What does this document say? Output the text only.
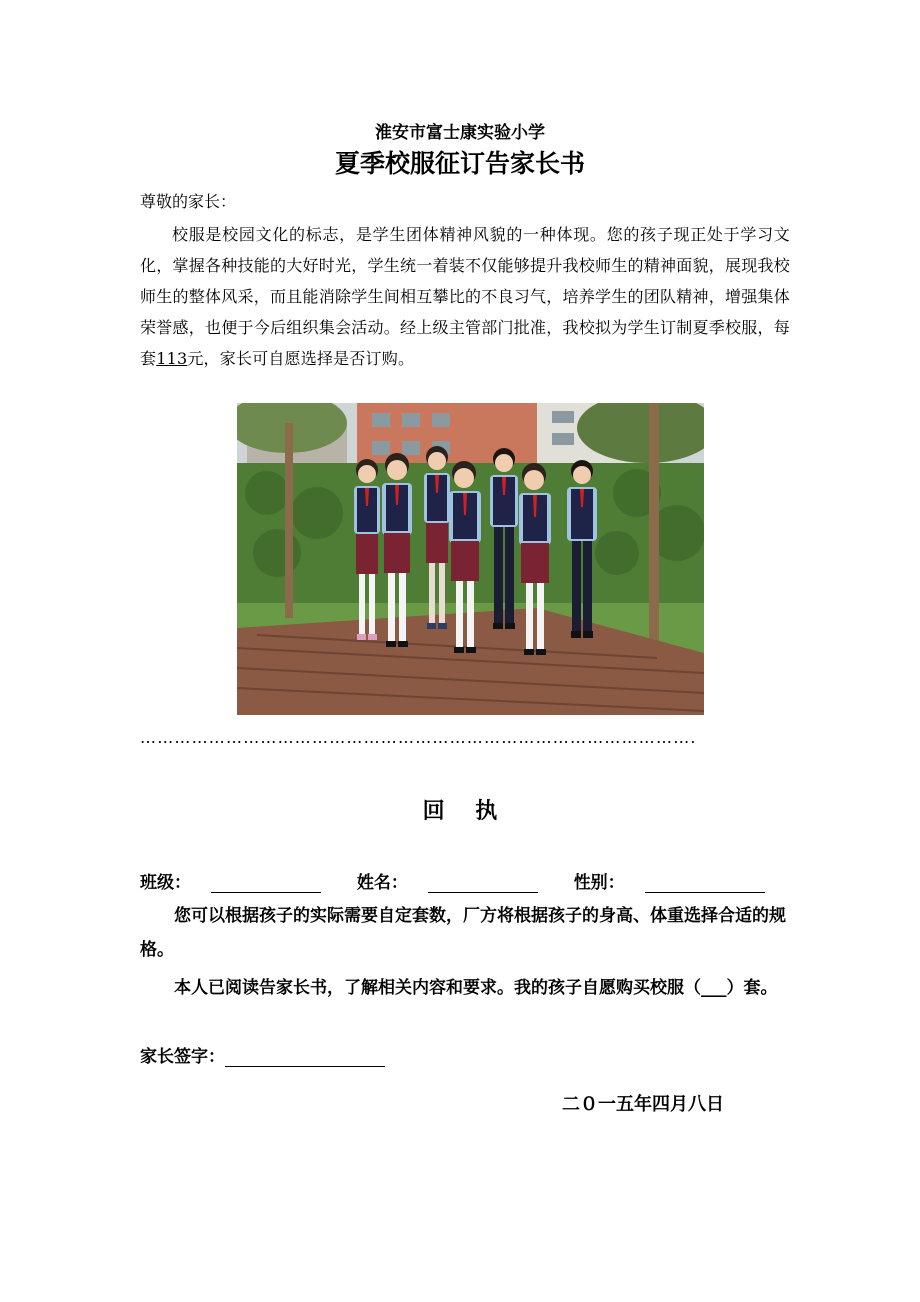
淮安市富士康实验小学
夏季校服征订告家长书
尊敬的家长：

校服是校园文化的标志，是学生团体精神风貌的一种体现。您的孩子现正处于学习文化，掌握各种技能的大好时光，学生统一着装不仅能够提升我校师生的精神面貌，展现我校师生的整体风采，而且能消除学生间相互攀比的不良习气，培养学生的团队精神，增强集体荣誉感，也便于今后组织集会活动。经上级主管部门批准，我校拟为学生订制夏季校服，每套113元，家长可自愿选择是否订购。

…………………………………………………………………………………….
回    执
班级：	姓名：	性别：

您可以根据孩子的实际需要自定套数，厂方将根据孩子的身高、体重选择合适的规格。

本人已阅读告家长书，了解相关内容和要求。我的孩子自愿购买校服（___）套。

家长签字：
二０一五年四月八日
